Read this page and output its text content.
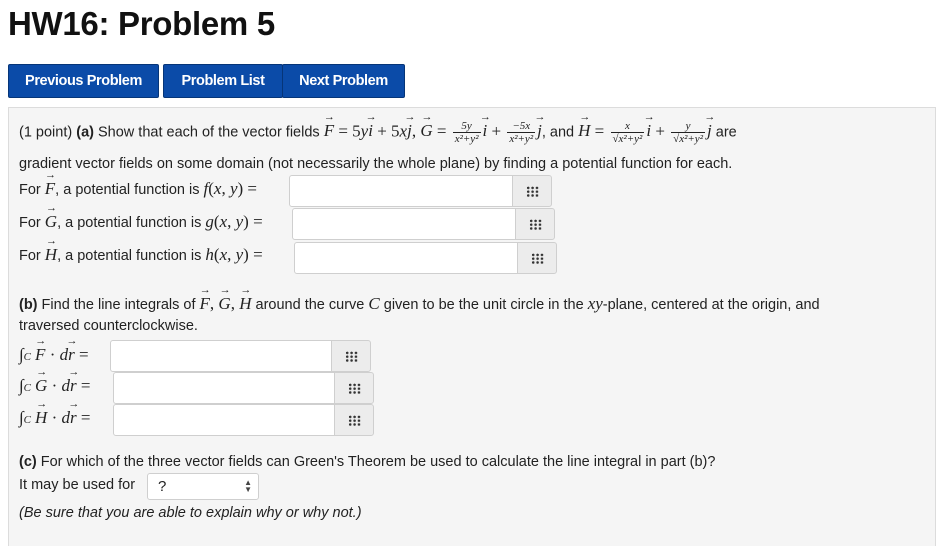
HW16: Problem 5
Previous Problem	Problem List	Next Problem
(1 point) (a) Show that each of the vector fields → F = 5y→ i + 5x→ j, → $G = \frac{5y}{\text{x²+y²}}$
→ $i + \frac{-5x}{\text{x²+y²}}$
→ j, and → $H = \frac{x}{\text{√x²+y²}}$
→ $i + \frac{y}{\text{√x²+y²}}$
→ j are
gradient vector fields on some domain (not necessarily the whole plane) by finding a potential function for each.
For → F, a potential function is f(x, y) =
For → G, a potential function is g(x, y) =
For → H, a potential function is h(x, y) =
(b) Find the line integrals of → F, → G, → H around the curve C given to be the unit circle in the xy-plane, centered at the origin, and
traversed counterclockwise.
∫C → F · d→ r =
∫C → G · d→ r =
∫C → H · d→ r =
(c) For which of the three vector fields can Green's Theorem be used to calculate the line integral in part (b)?
It may be used for	?	▲
▼
(Be sure that you are able to explain why or why not.)
